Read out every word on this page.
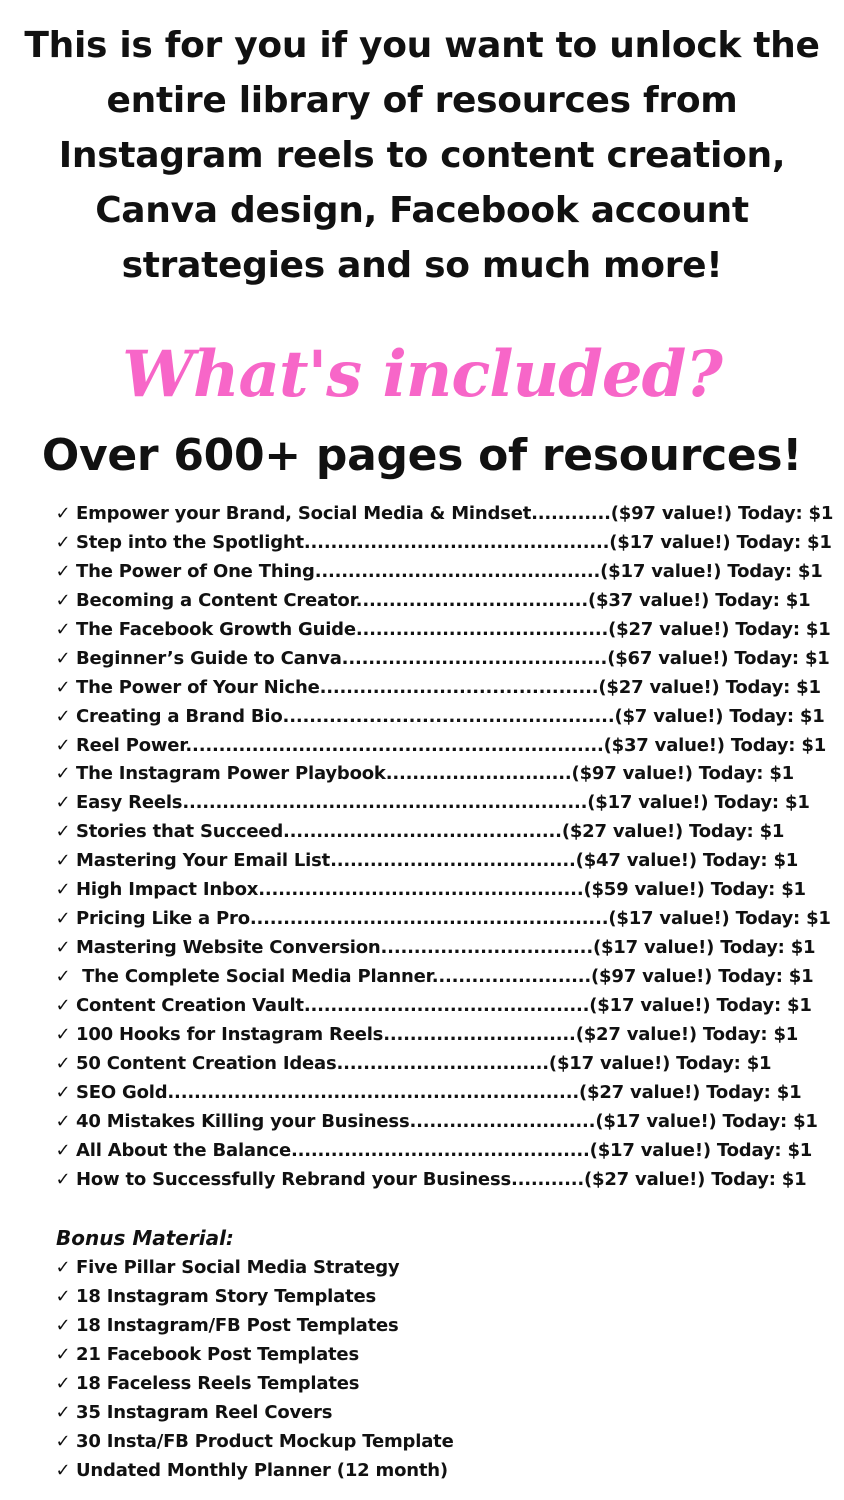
This is for you if you want to unlock the entire library of resources from Instagram reels to content creation, Canva design, Facebook account strategies and so much more!
What's included?
Over 600+ pages of resources!
✓ Empower your Brand, Social Media & Mindset............($97 value!) Today: $1
✓ Step into the Spotlight..............................................($17 value!) Today: $1
✓ The Power of One Thing...........................................($17 value!) Today: $1
✓ Becoming a Content Creator...................................($37 value!) Today: $1
✓ The Facebook Growth Guide......................................($27 value!) Today: $1
✓ Beginner’s Guide to Canva........................................($67 value!) Today: $1
✓ The Power of Your Niche..........................................($27 value!) Today: $1
✓ Creating a Brand Bio..................................................($7 value!) Today: $1
✓ Reel Power...............................................................($37 value!) Today: $1
✓ The Instagram Power Playbook............................($97 value!) Today: $1
✓ Easy Reels.............................................................($17 value!) Today: $1
✓ Stories that Succeed..........................................($27 value!) Today: $1
✓ Mastering Your Email List.....................................($47 value!) Today: $1
✓ High Impact Inbox.................................................($59 value!) Today: $1
✓ Pricing Like a Pro......................................................($17 value!) Today: $1
✓ Mastering Website Conversion................................($17 value!) Today: $1
✓ The Complete Social Media Planner........................($97 value!) Today: $1
✓ Content Creation Vault...........................................($17 value!) Today: $1
✓ 100 Hooks for Instagram Reels.............................($27 value!) Today: $1
✓ 50 Content Creation Ideas................................($17 value!) Today: $1
✓ SEO Gold..............................................................($27 value!) Today: $1
✓ 40 Mistakes Killing your Business............................($17 value!) Today: $1
✓ All About the Balance.............................................($17 value!) Today: $1
✓ How to Successfully Rebrand your Business...........($27 value!) Today: $1
Bonus Material:
✓ Five Pillar Social Media Strategy
✓ 18 Instagram Story Templates
✓ 18 Instagram/FB Post Templates
✓ 21 Facebook Post Templates
✓ 18 Faceless Reels Templates
✓ 35 Instagram Reel Covers
✓ 30 Insta/FB Product Mockup Template
✓ Undated Monthly Planner (12 month)
